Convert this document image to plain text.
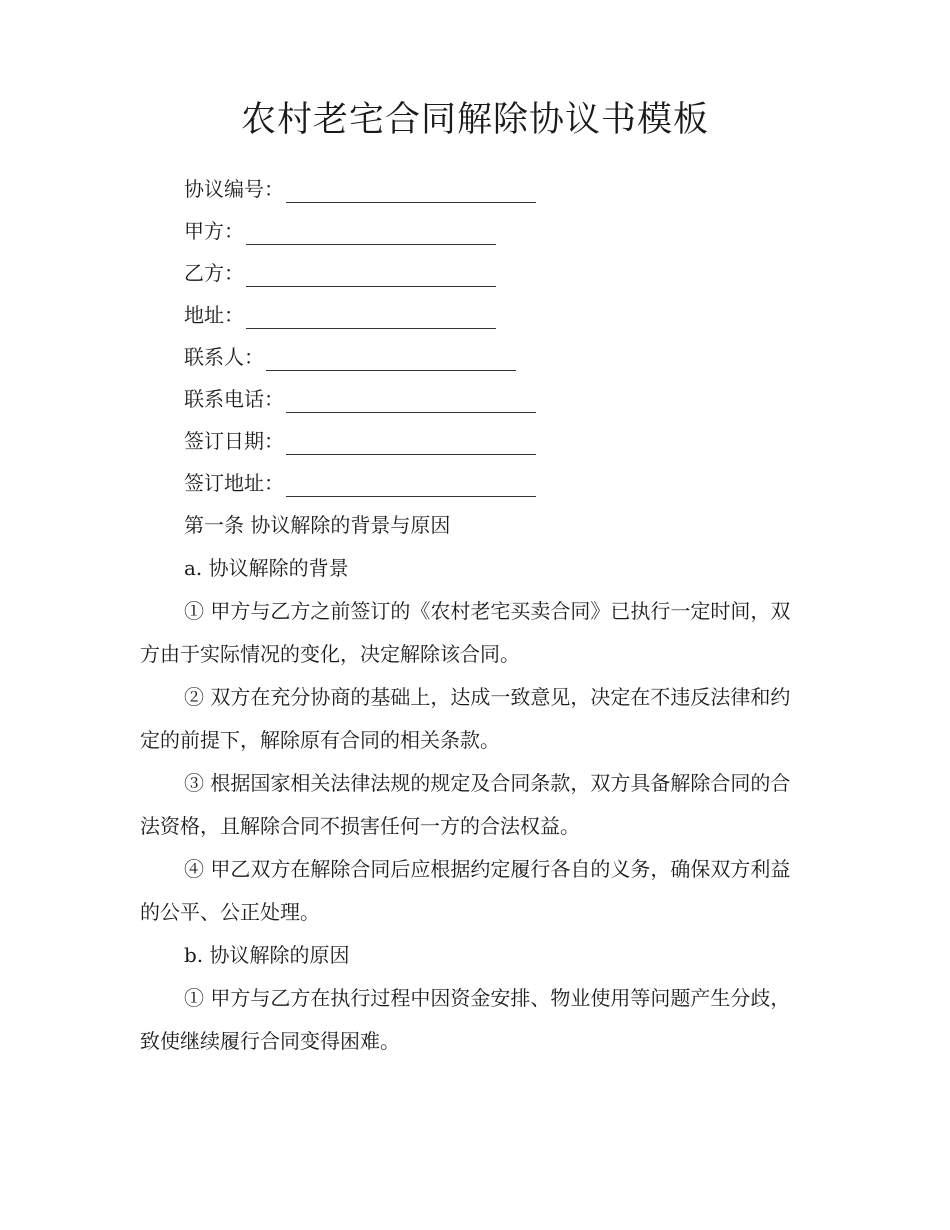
农村老宅合同解除协议书模板
协议编号：
甲方：
乙方：
地址：
联系人：
联系电话：
签订日期：
签订地址：

第一条 协议解除的背景与原因

a. 协议解除的背景

① 甲方与乙方之前签订的《农村老宅买卖合同》已执行一定时间，双方由于实际情况的变化，决定解除该合同。

② 双方在充分协商的基础上，达成一致意见，决定在不违反法律和约定的前提下，解除原有合同的相关条款。

③ 根据国家相关法律法规的规定及合同条款，双方具备解除合同的合法资格，且解除合同不损害任何一方的合法权益。

④ 甲乙双方在解除合同后应根据约定履行各自的义务，确保双方利益的公平、公正处理。

b. 协议解除的原因

① 甲方与乙方在执行过程中因资金安排、物业使用等问题产生分歧，致使继续履行合同变得困难。
